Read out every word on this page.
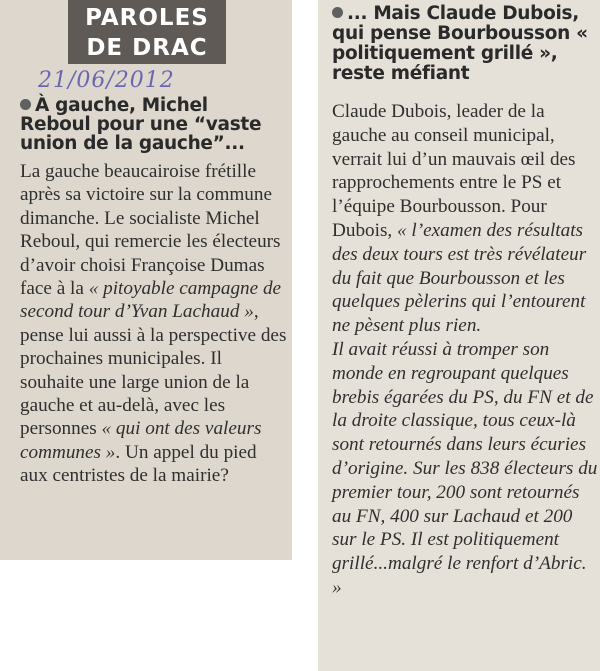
PAROLES
DE DRAC
21/06/2012
À gauche, Michel Reboul pour une “vaste union de la gauche”...

La gauche beaucairoise frétille après sa victoire sur la commune dimanche. Le socialiste Michel Reboul, qui remercie les électeurs d’avoir choisi Françoise Dumas face à la « pitoyable campagne de second tour d’Yvan Lachaud », pense lui aussi à la perspective des prochaines municipales. Il souhaite une large union de la gauche et au-delà, avec les personnes « qui ont des valeurs communes ». Un appel du pied aux centristes de la mairie?

... Mais Claude Dubois, qui pense Bourbousson « politiquement grillé », reste méfiant

Claude Dubois, leader de la gauche au conseil municipal, verrait lui d’un mauvais œil des rapprochements entre le PS et l’équipe Bourbousson. Pour Dubois, « l’examen des résultats des deux tours est très révélateur du fait que Bourbousson et les quelques pèlerins qui l’entourent ne pèsent plus rien.

Il avait réussi à tromper son monde en regroupant quelques brebis égarées du PS, du FN et de la droite classique, tous ceux-là sont retournés dans leurs écuries d’origine. Sur les 838 électeurs du premier tour, 200 sont retournés au FN, 400 sur Lachaud et 200 sur le PS. Il est politiquement grillé...malgré le renfort d’Abric. »
